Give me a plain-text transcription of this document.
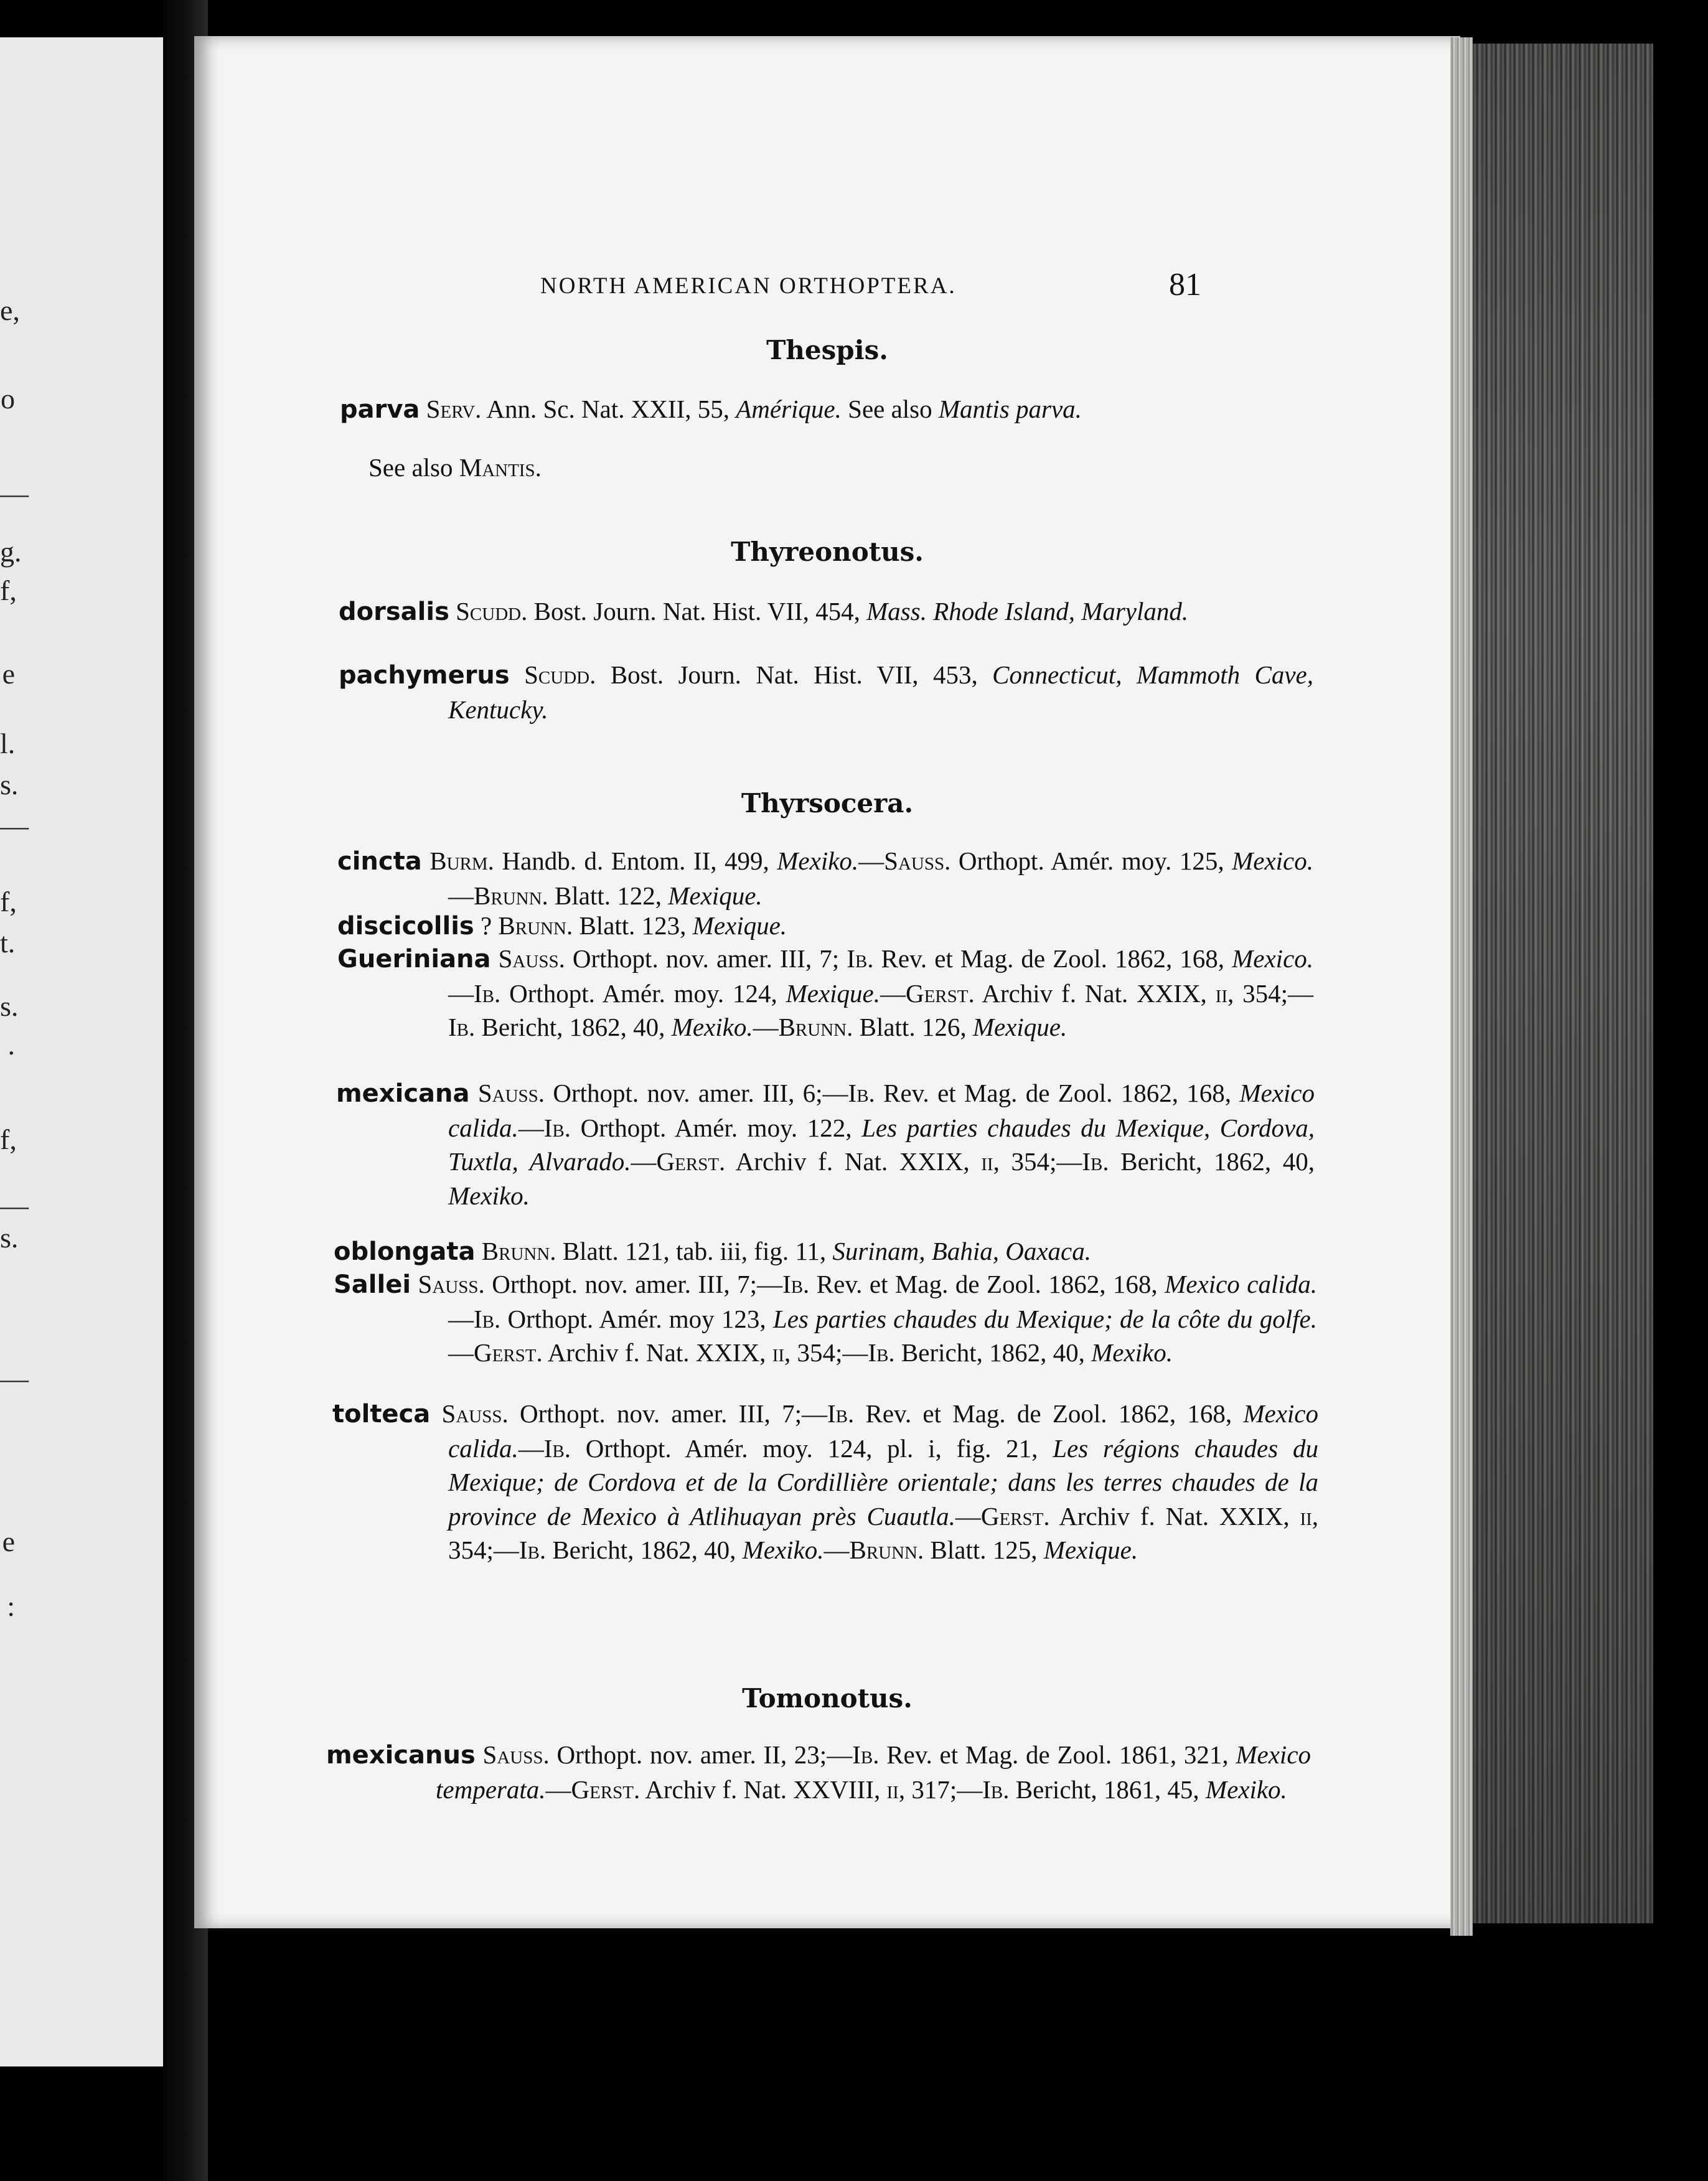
e,
o
—
g.
f,
e
l.
s.
—
f,
t.
s.
.
f,
—
s.
—
e
:
NORTH AMERICAN ORTHOPTERA.	81
Thespis.
parva Serv. Ann. Sc. Nat. XXII, 55, Amérique. See also Mantis parva.
See also Mantis.
Thyreonotus.
dorsalis Scudd. Bost. Journ. Nat. Hist. VII, 454, Mass. Rhode Island, Maryland.
pachymerus Scudd. Bost. Journ. Nat. Hist. VII, 453, Connecticut, Mammoth Cave, Kentucky.
Thyrsocera.
cincta Burm. Handb. d. Entom. II, 499, Mexiko.—Sauss. Orthopt. Amér. moy. 125, Mexico.—Brunn. Blatt. 122, Mexique.
discicollis ? Brunn. Blatt. 123, Mexique.
Gueriniana Sauss. Orthopt. nov. amer. III, 7; Ib. Rev. et Mag. de Zool. 1862, 168, Mexico.—Ib. Orthopt. Amér. moy. 124, Mexique.—Gerst. Archiv f. Nat. XXIX, ii, 354;—Ib. Bericht, 1862, 40, Mexiko.—Brunn. Blatt. 126, Mexique.
mexicana Sauss. Orthopt. nov. amer. III, 6;—Ib. Rev. et Mag. de Zool. 1862, 168, Mexico calida.—Ib. Orthopt. Amér. moy. 122, Les parties chaudes du Mexique, Cordova, Tuxtla, Alvarado.—Gerst. Archiv f. Nat. XXIX, ii, 354;—Ib. Bericht, 1862, 40, Mexiko.
oblongata Brunn. Blatt. 121, tab. iii, fig. 11, Surinam, Bahia, Oaxaca.
Sallei Sauss. Orthopt. nov. amer. III, 7;—Ib. Rev. et Mag. de Zool. 1862, 168, Mexico calida.—Ib. Orthopt. Amér. moy 123, Les parties chaudes du Mexique; de la côte du golfe.—Gerst. Archiv f. Nat. XXIX, ii, 354;—Ib. Bericht, 1862, 40, Mexiko.
tolteca Sauss. Orthopt. nov. amer. III, 7;—Ib. Rev. et Mag. de Zool. 1862, 168, Mexico calida.—Ib. Orthopt. Amér. moy. 124, pl. i, fig. 21, Les régions chaudes du Mexique; de Cordova et de la Cordillière orientale; dans les terres chaudes de la province de Mexico à Atlihuayan près Cuautla.—Gerst. Archiv f. Nat. XXIX, ii, 354;—Ib. Bericht, 1862, 40, Mexiko.—Brunn. Blatt. 125, Mexique.
Tomonotus.
mexicanus Sauss. Orthopt. nov. amer. II, 23;—Ib. Rev. et Mag. de Zool. 1861, 321, Mexico temperata.—Gerst. Archiv f. Nat. XXVIII, ii, 317;—Ib. Bericht, 1861, 45, Mexiko.
